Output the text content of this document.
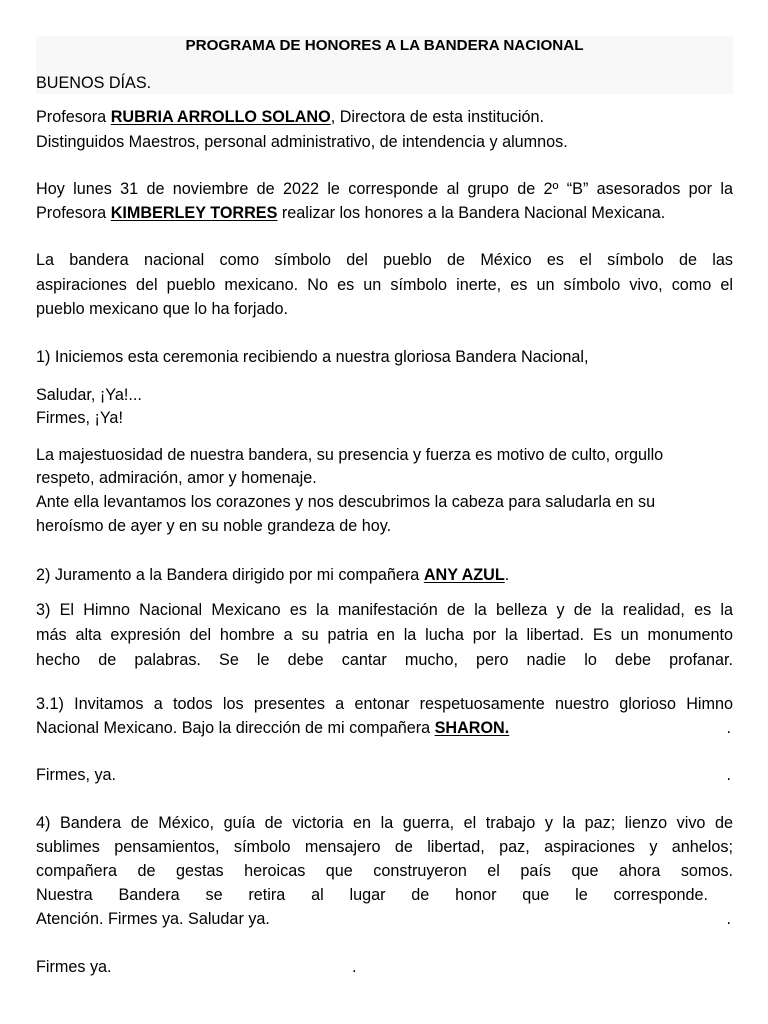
PROGRAMA DE HONORES A LA BANDERA NACIONAL
BUENOS DÍAS.
Profesora RUBRIA ARROLLO SOLANO, Directora de esta institución.
Distinguidos Maestros, personal administrativo, de intendencia y alumnos.
Hoy lunes 31 de noviembre de 2022 le corresponde al grupo de 2º “B” asesorados por la
Profesora KIMBERLEY TORRES realizar los honores a la Bandera Nacional Mexicana.
La bandera nacional como símbolo del pueblo de México es el símbolo de las
aspiraciones del pueblo mexicano. No es un símbolo inerte, es un símbolo vivo, como el
pueblo mexicano que lo ha forjado.
1) Iniciemos esta ceremonia recibiendo a nuestra gloriosa Bandera Nacional,
Saludar, ¡Ya!...
Firmes, ¡Ya!
La majestuosidad de nuestra bandera, su presencia y fuerza es motivo de culto, orgullo
respeto, admiración, amor y homenaje.
Ante ella levantamos los corazones y nos descubrimos la cabeza para saludarla en su
heroísmo de ayer y en su noble grandeza de hoy.
2) Juramento a la Bandera dirigido por mi compañera ANY AZUL.
3) El Himno Nacional Mexicano es la manifestación de la belleza y de la realidad, es la
más alta expresión del hombre a su patria en la lucha por la libertad. Es un monumento
hecho de palabras. Se le debe cantar mucho, pero nadie lo debe profanar.
3.1) Invitamos a todos los presentes a entonar respetuosamente nuestro glorioso Himno
Nacional Mexicano. Bajo la dirección de mi compañera SHARON.	.
Firmes, ya.	.
4) Bandera de México, guía de victoria en la guerra, el trabajo y la paz; lienzo vivo de
sublimes pensamientos, símbolo mensajero de libertad, paz, aspiraciones y anhelos;
compañera de gestas heroicas que construyeron el país que ahora somos.
Nuestra Bandera se retira al lugar de honor que le corresponde.
Atención. Firmes ya. Saludar ya.	.
Firmes ya.	.
